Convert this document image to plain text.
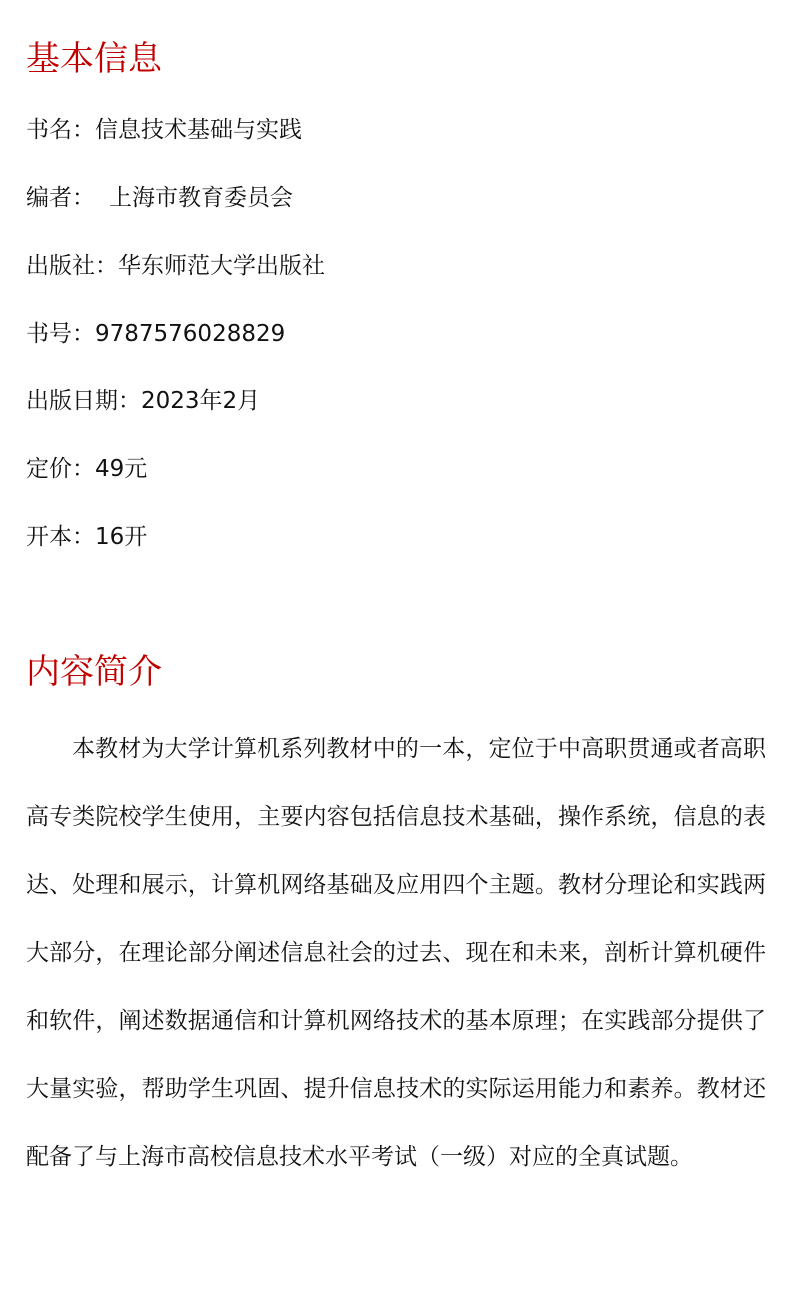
基本信息
书名：信息技术基础与实践
编者： 上海市教育委员会
出版社：华东师范大学出版社
书号：9787576028829
出版日期：2023年2月
定价：49元
开本：16开
内容简介

本教材为大学计算机系列教材中的一本，定位于中高职贯通或者高职高专类院校学生使用，主要内容包括信息技术基础，操作系统，信息的表达、处理和展示，计算机网络基础及应用四个主题。教材分理论和实践两大部分，在理论部分阐述信息社会的过去、现在和未来，剖析计算机硬件和软件，阐述数据通信和计算机网络技术的基本原理；在实践部分提供了大量实验，帮助学生巩固、提升信息技术的实际运用能力和素养。教材还配备了与上海市高校信息技术水平考试（一级）对应的全真试题。
